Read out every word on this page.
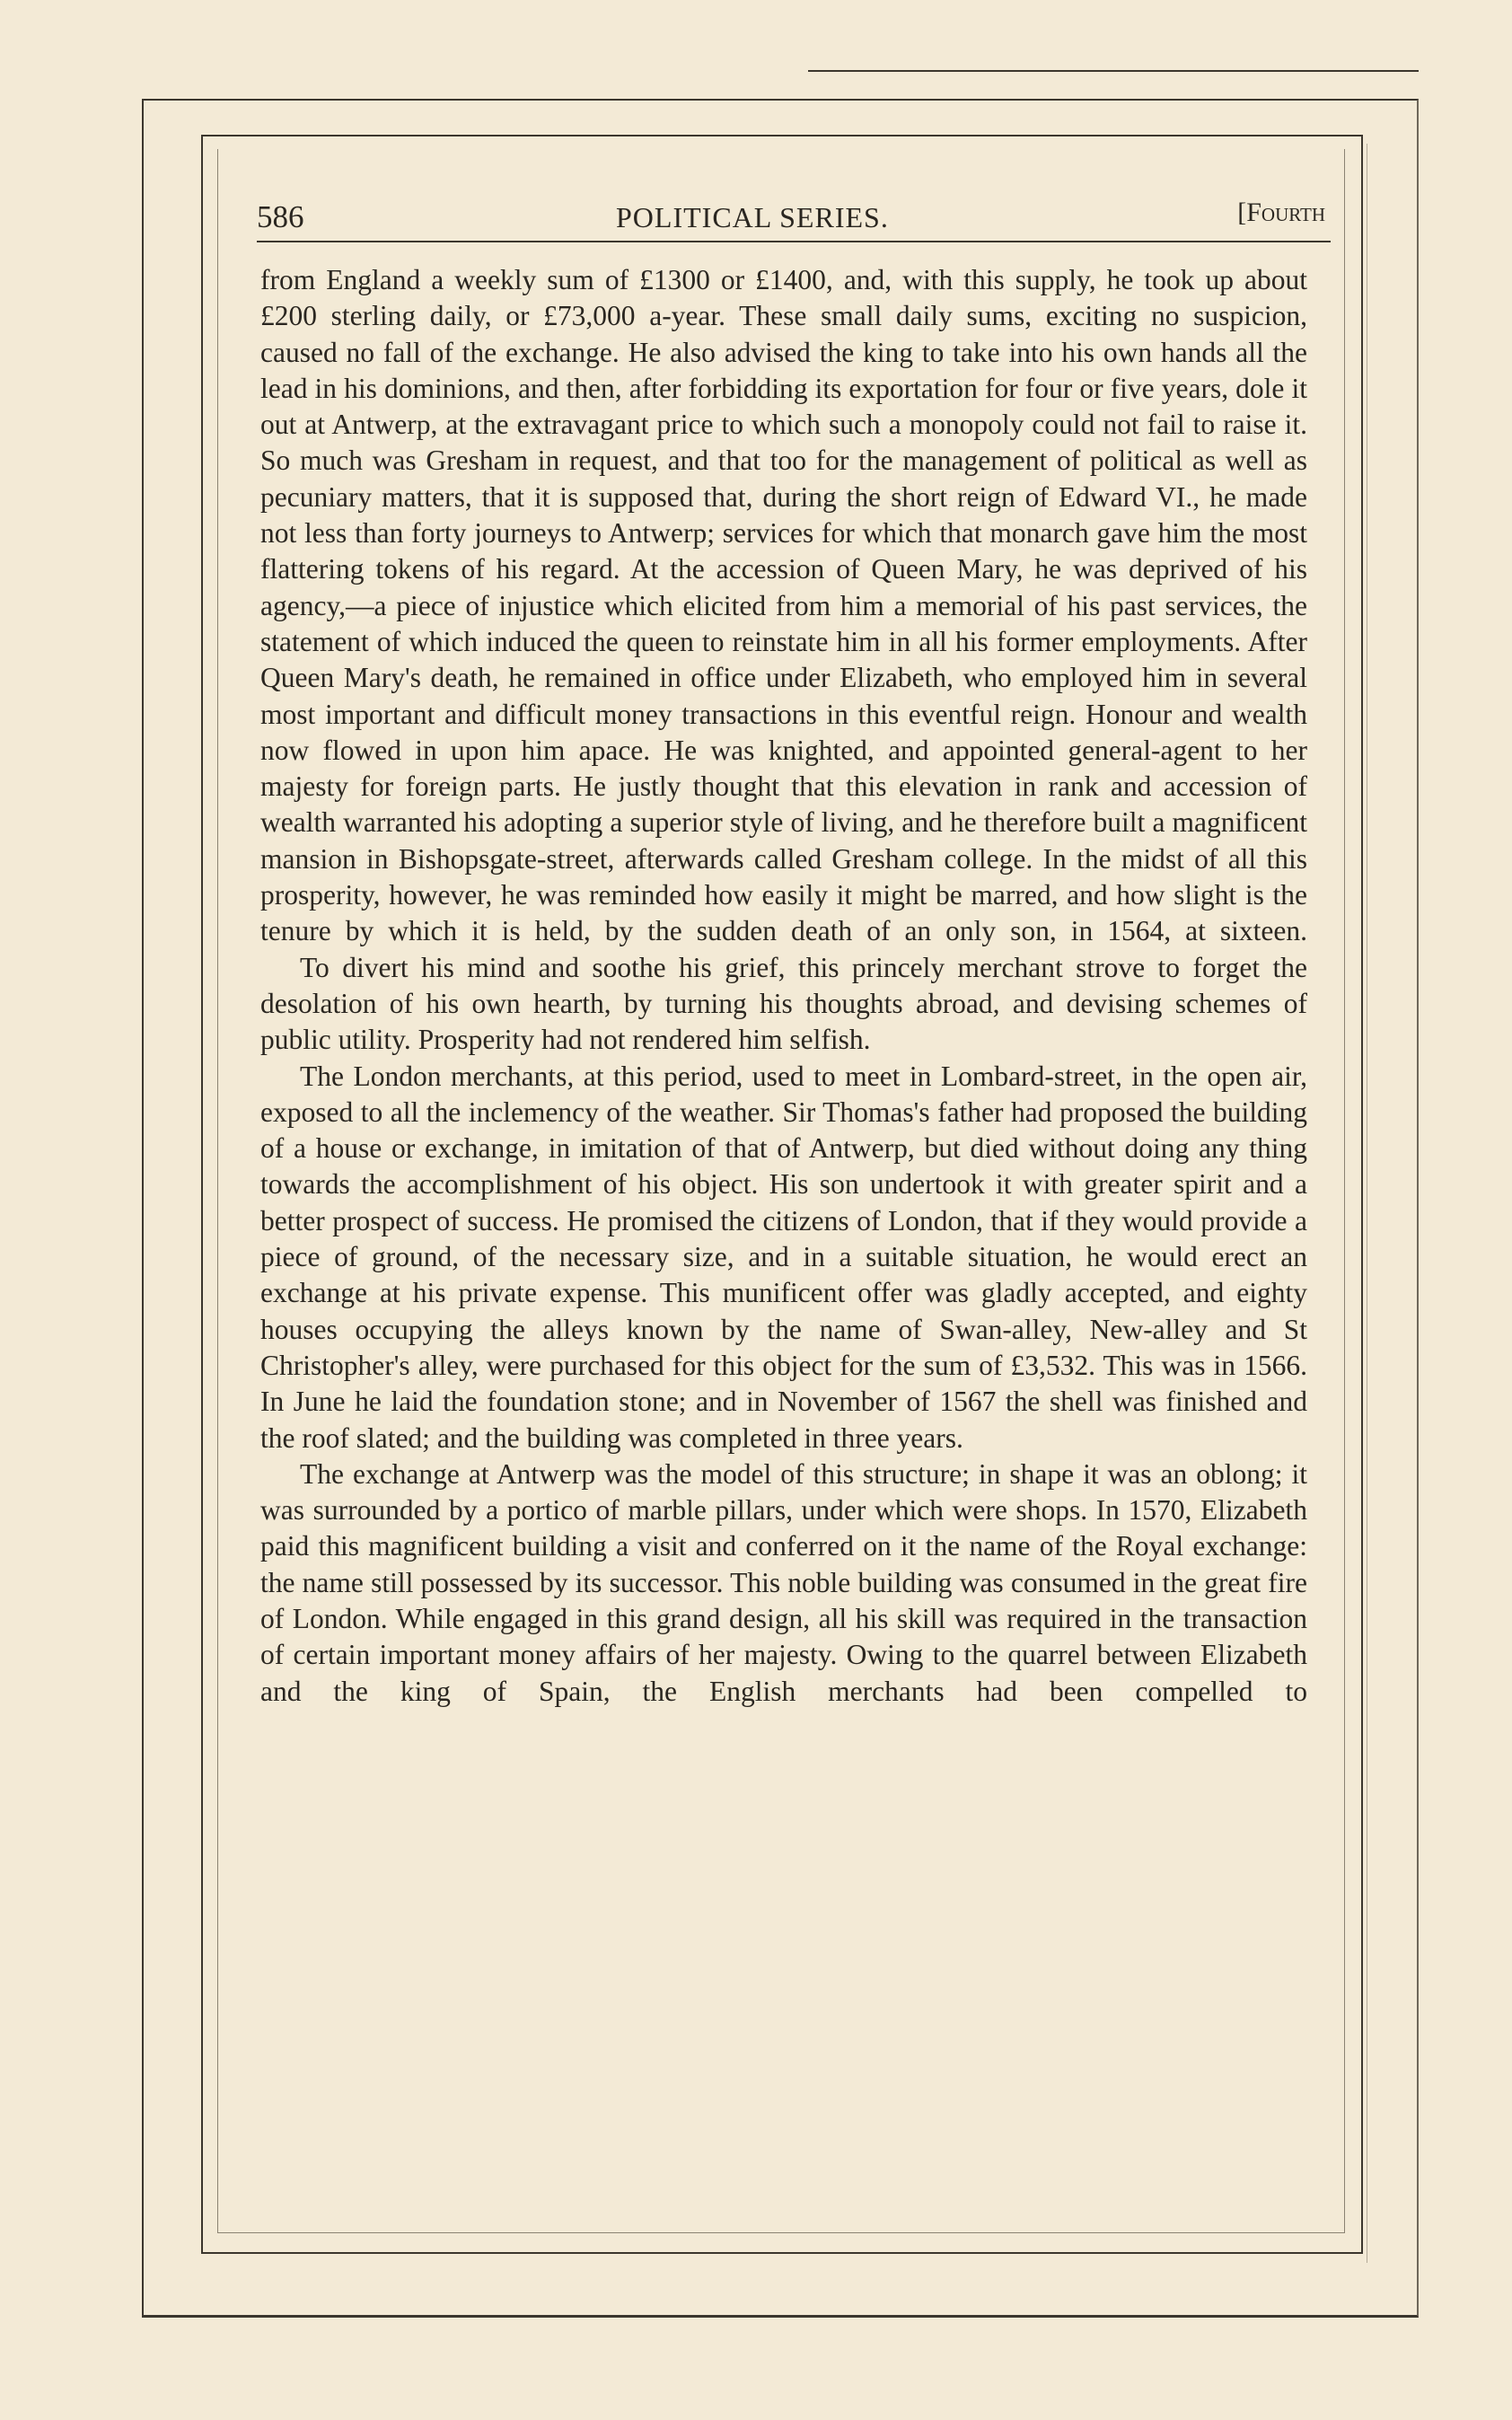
586	POLITICAL SERIES.	[Fourth

from England a weekly sum of £1300 or £1400, and, with this supply, he took up about £200 sterling daily, or £73,000 a-year. These small daily sums, exciting no suspicion, caused no fall of the exchange. He also advised the king to take into his own hands all the lead in his dominions, and then, after forbidding its exportation for four or five years, dole it out at Antwerp, at the extravagant price to which such a monopoly could not fail to raise it. So much was Gresham in request, and that too for the management of political as well as pecuniary matters, that it is supposed that, during the short reign of Edward VI., he made not less than forty journeys to Antwerp; services for which that monarch gave him the most flattering tokens of his regard. At the accession of Queen Mary, he was deprived of his agency,—a piece of injustice which elicited from him a memorial of his past services, the statement of which induced the queen to reinstate him in all his former employments. After Queen Mary's death, he remained in office under Elizabeth, who employed him in several most important and difficult money transactions in this eventful reign. Honour and wealth now flowed in upon him apace. He was knighted, and appointed general-agent to her majesty for foreign parts. He justly thought that this elevation in rank and accession of wealth warranted his adopting a superior style of living, and he therefore built a magnificent mansion in Bishopsgate-street, afterwards called Gresham college. In the midst of all this prosperity, however, he was reminded how easily it might be marred, and how slight is the tenure by which it is held, by the sudden death of an only son, in 1564, at sixteen.

To divert his mind and soothe his grief, this princely merchant strove to forget the desolation of his own hearth, by turning his thoughts abroad, and devising schemes of public utility. Prosperity had not rendered him selfish.

The London merchants, at this period, used to meet in Lombard-street, in the open air, exposed to all the inclemency of the weather. Sir Thomas's father had proposed the building of a house or exchange, in imitation of that of Antwerp, but died without doing any thing towards the accomplishment of his object. His son undertook it with greater spirit and a better prospect of success. He promised the citizens of London, that if they would provide a piece of ground, of the necessary size, and in a suitable situation, he would erect an exchange at his private expense. This munificent offer was gladly accepted, and eighty houses occupying the alleys known by the name of Swan-alley, New-alley and St Christopher's alley, were purchased for this object for the sum of £3,532. This was in 1566. In June he laid the foundation stone; and in November of 1567 the shell was finished and the roof slated; and the building was completed in three years.

The exchange at Antwerp was the model of this structure; in shape it was an oblong; it was surrounded by a portico of marble pillars, under which were shops. In 1570, Elizabeth paid this magnificent building a visit and conferred on it the name of the Royal exchange: the name still possessed by its successor. This noble building was consumed in the great fire of London. While engaged in this grand design, all his skill was required in the transaction of certain important money affairs of her majesty. Owing to the quarrel between Elizabeth and the king of Spain, the English merchants had been compelled to
